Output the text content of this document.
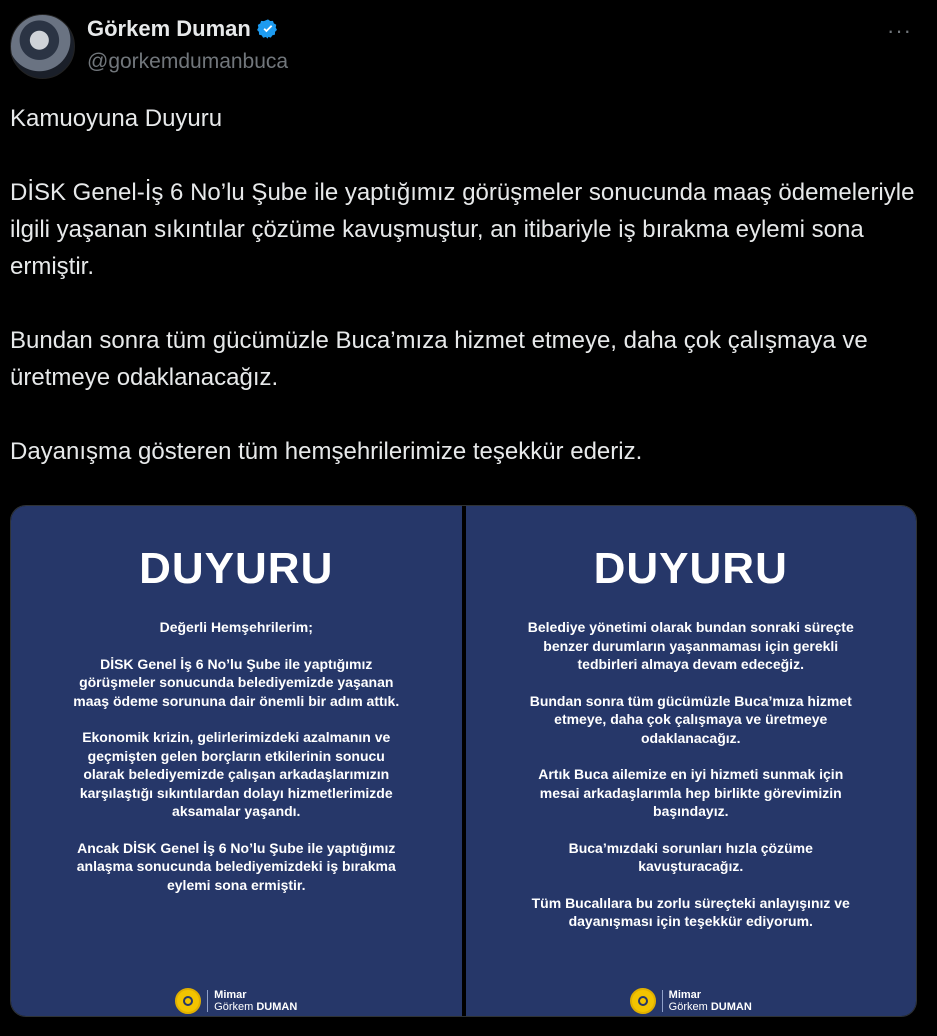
Görkem Duman
@gorkemdumanbuca
···

Kamuoyuna Duyuru

DİSK Genel-İş 6 No’lu Şube ile yaptığımız görüşmeler sonucunda maaş ödemeleriyle ilgili yaşanan sıkıntılar çözüme kavuşmuştur, an itibariyle iş bırakma eylemi sona ermiştir.

Bundan sonra tüm gücümüzle Buca’mıza hizmet etmeye, daha çok çalışmaya ve üretmeye odaklanacağız.

Dayanışma gösteren tüm hemşehrilerimize teşekkür ederiz.

DUYURU

Değerli Hemşehrilerim;

DİSK Genel İş 6 No’lu Şube ile yaptığımız
görüşmeler sonucunda belediyemizde yaşanan
maaş ödeme sorununa dair önemli bir adım attık.

Ekonomik krizin, gelirlerimizdeki azalmanın ve
geçmişten gelen borçların etkilerinin sonucu
olarak belediyemizde çalışan arkadaşlarımızın
karşılaştığı sıkıntılardan dolayı hizmetlerimizde
aksamalar yaşandı.

Ancak DİSK Genel İş 6 No’lu Şube ile yaptığımız
anlaşma sonucunda belediyemizdeki iş bırakma
eylemi sona ermiştir.

Mimar
Görkem DUMAN
DUYURU

Belediye yönetimi olarak bundan sonraki süreçte
benzer durumların yaşanmaması için gerekli
tedbirleri almaya devam edeceğiz.

Bundan sonra tüm gücümüzle Buca’mıza hizmet
etmeye, daha çok çalışmaya ve üretmeye
odaklanacağız.

Artık Buca ailemize en iyi hizmeti sunmak için
mesai arkadaşlarımla hep birlikte görevimizin
başındayız.

Buca’mızdaki sorunları hızla çözüme
kavuşturacağız.

Tüm Bucalılara bu zorlu süreçteki anlayışınız ve
dayanışması için teşekkür ediyorum.

Mimar
Görkem DUMAN
